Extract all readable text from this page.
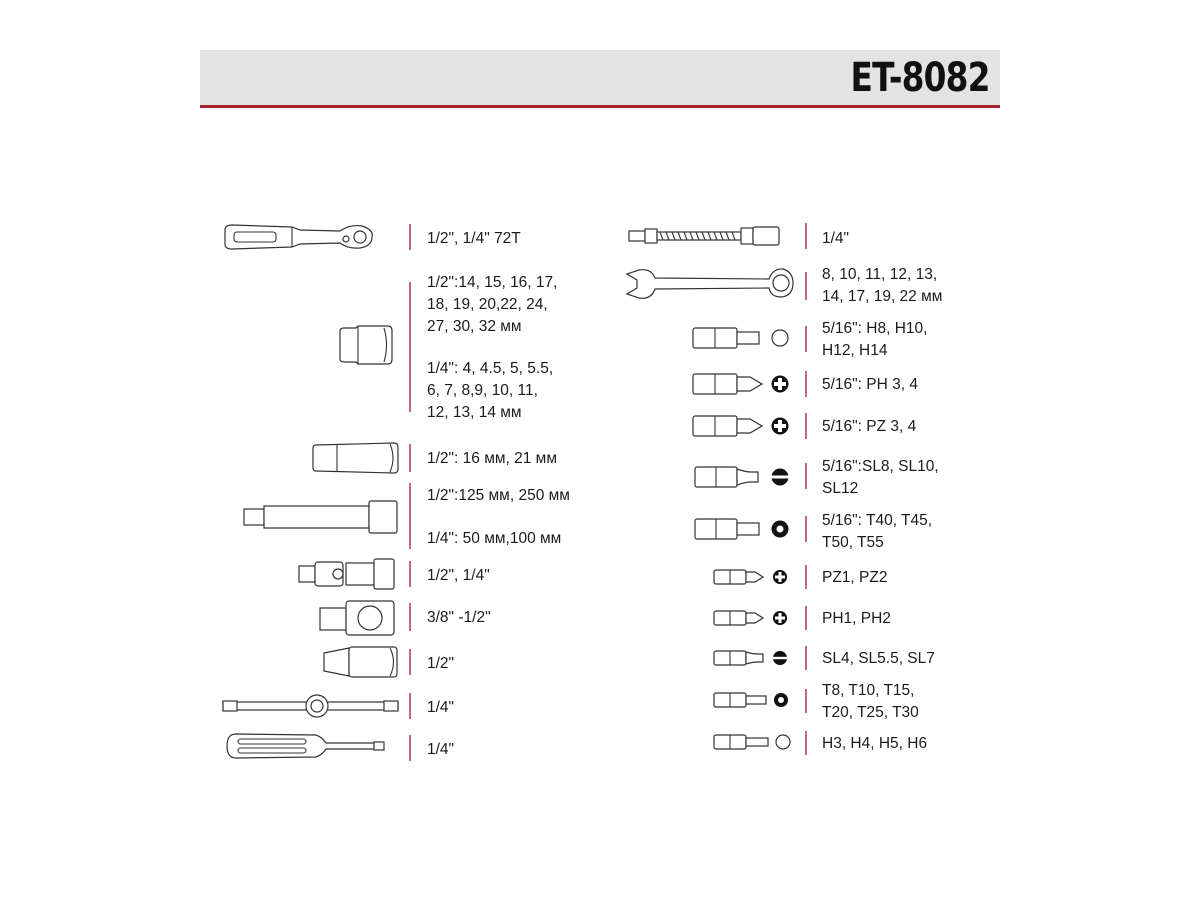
ET-8082
1/2", 1/4" 72T
1/2":14, 15, 16, 17,
18, 19, 20,22, 24,
27, 30, 32 мм
1/4": 4, 4.5, 5, 5.5,
6, 7, 8,9, 10, 11,
12, 13, 14 мм
1/2": 16 мм, 21 мм
1/2":125 мм, 250 мм
1/4": 50 мм,100 мм
1/2", 1/4"
3/8" -1/2"
1/2"
1/4"
1/4"
1/4"
8, 10, 11, 12, 13,
14, 17, 19, 22 мм
5/16": H8, H10,
H12, H14
5/16": PH 3, 4
5/16": PZ 3, 4
5/16":SL8, SL10,
SL12
5/16": T40, T45,
T50, T55
PZ1, PZ2
PH1, PH2
SL4, SL5.5, SL7
T8, T10, T15,
T20, T25, T30
H3, H4, H5, H6
